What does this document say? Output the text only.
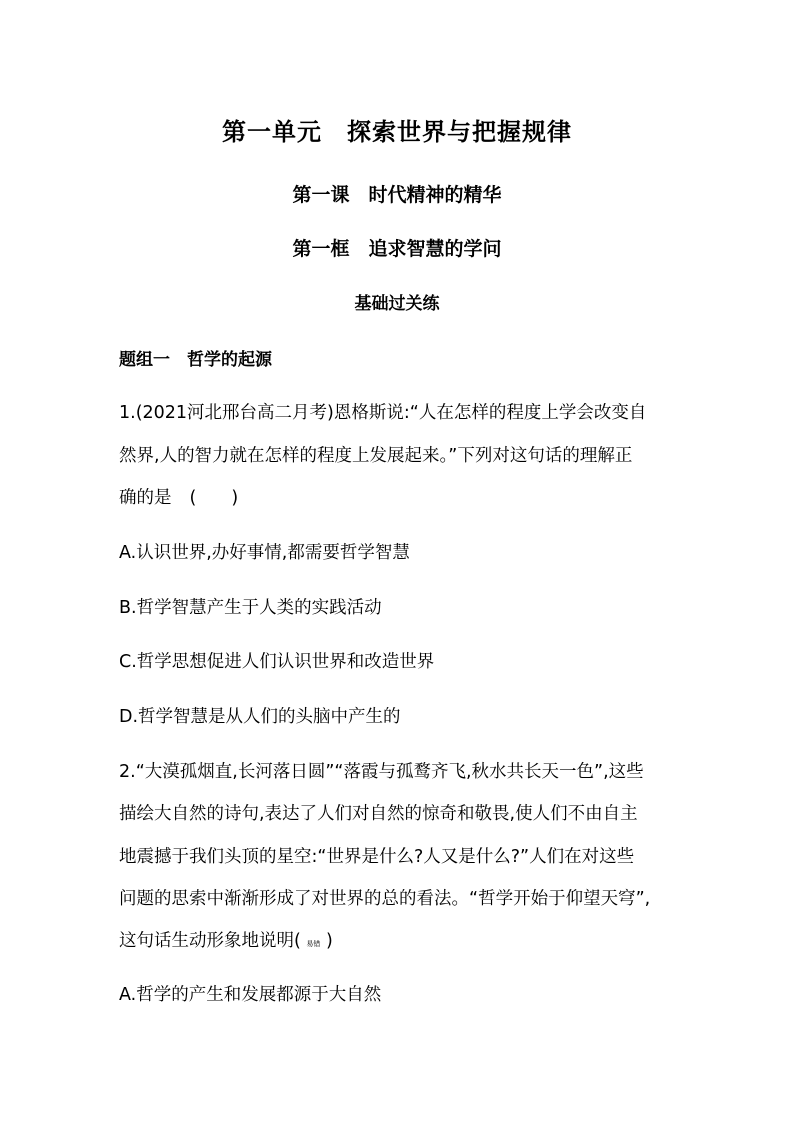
第一单元　探索世界与把握规律
第一课　时代精神的精华
第一框　追求智慧的学问
基础过关练
题组一　哲学的起源
1.(2021河北邢台高二月考)恩格斯说:“人在怎样的程度上学会改变自
然界,人的智力就在怎样的程度上发展起来。”下列对这句话的理解正
确的是 (　　)
A.认识世界,办好事情,都需要哲学智慧
B.哲学智慧产生于人类的实践活动
C.哲学思想促进人们认识世界和改造世界
D.哲学智慧是从人们的头脑中产生的
2.“大漠孤烟直,长河落日圆”“落霞与孤鹜齐飞,秋水共长天一色”,这些
描绘大自然的诗句,表达了人们对自然的惊奇和敬畏,使人们不由自主
地震撼于我们头顶的星空:“世界是什么?人又是什么?”人们在对这些
问题的思索中渐渐形成了对世界的总的看法。“哲学开始于仰望天穹”,
这句话生动形象地说明( 易错 )
A.哲学的产生和发展都源于大自然
